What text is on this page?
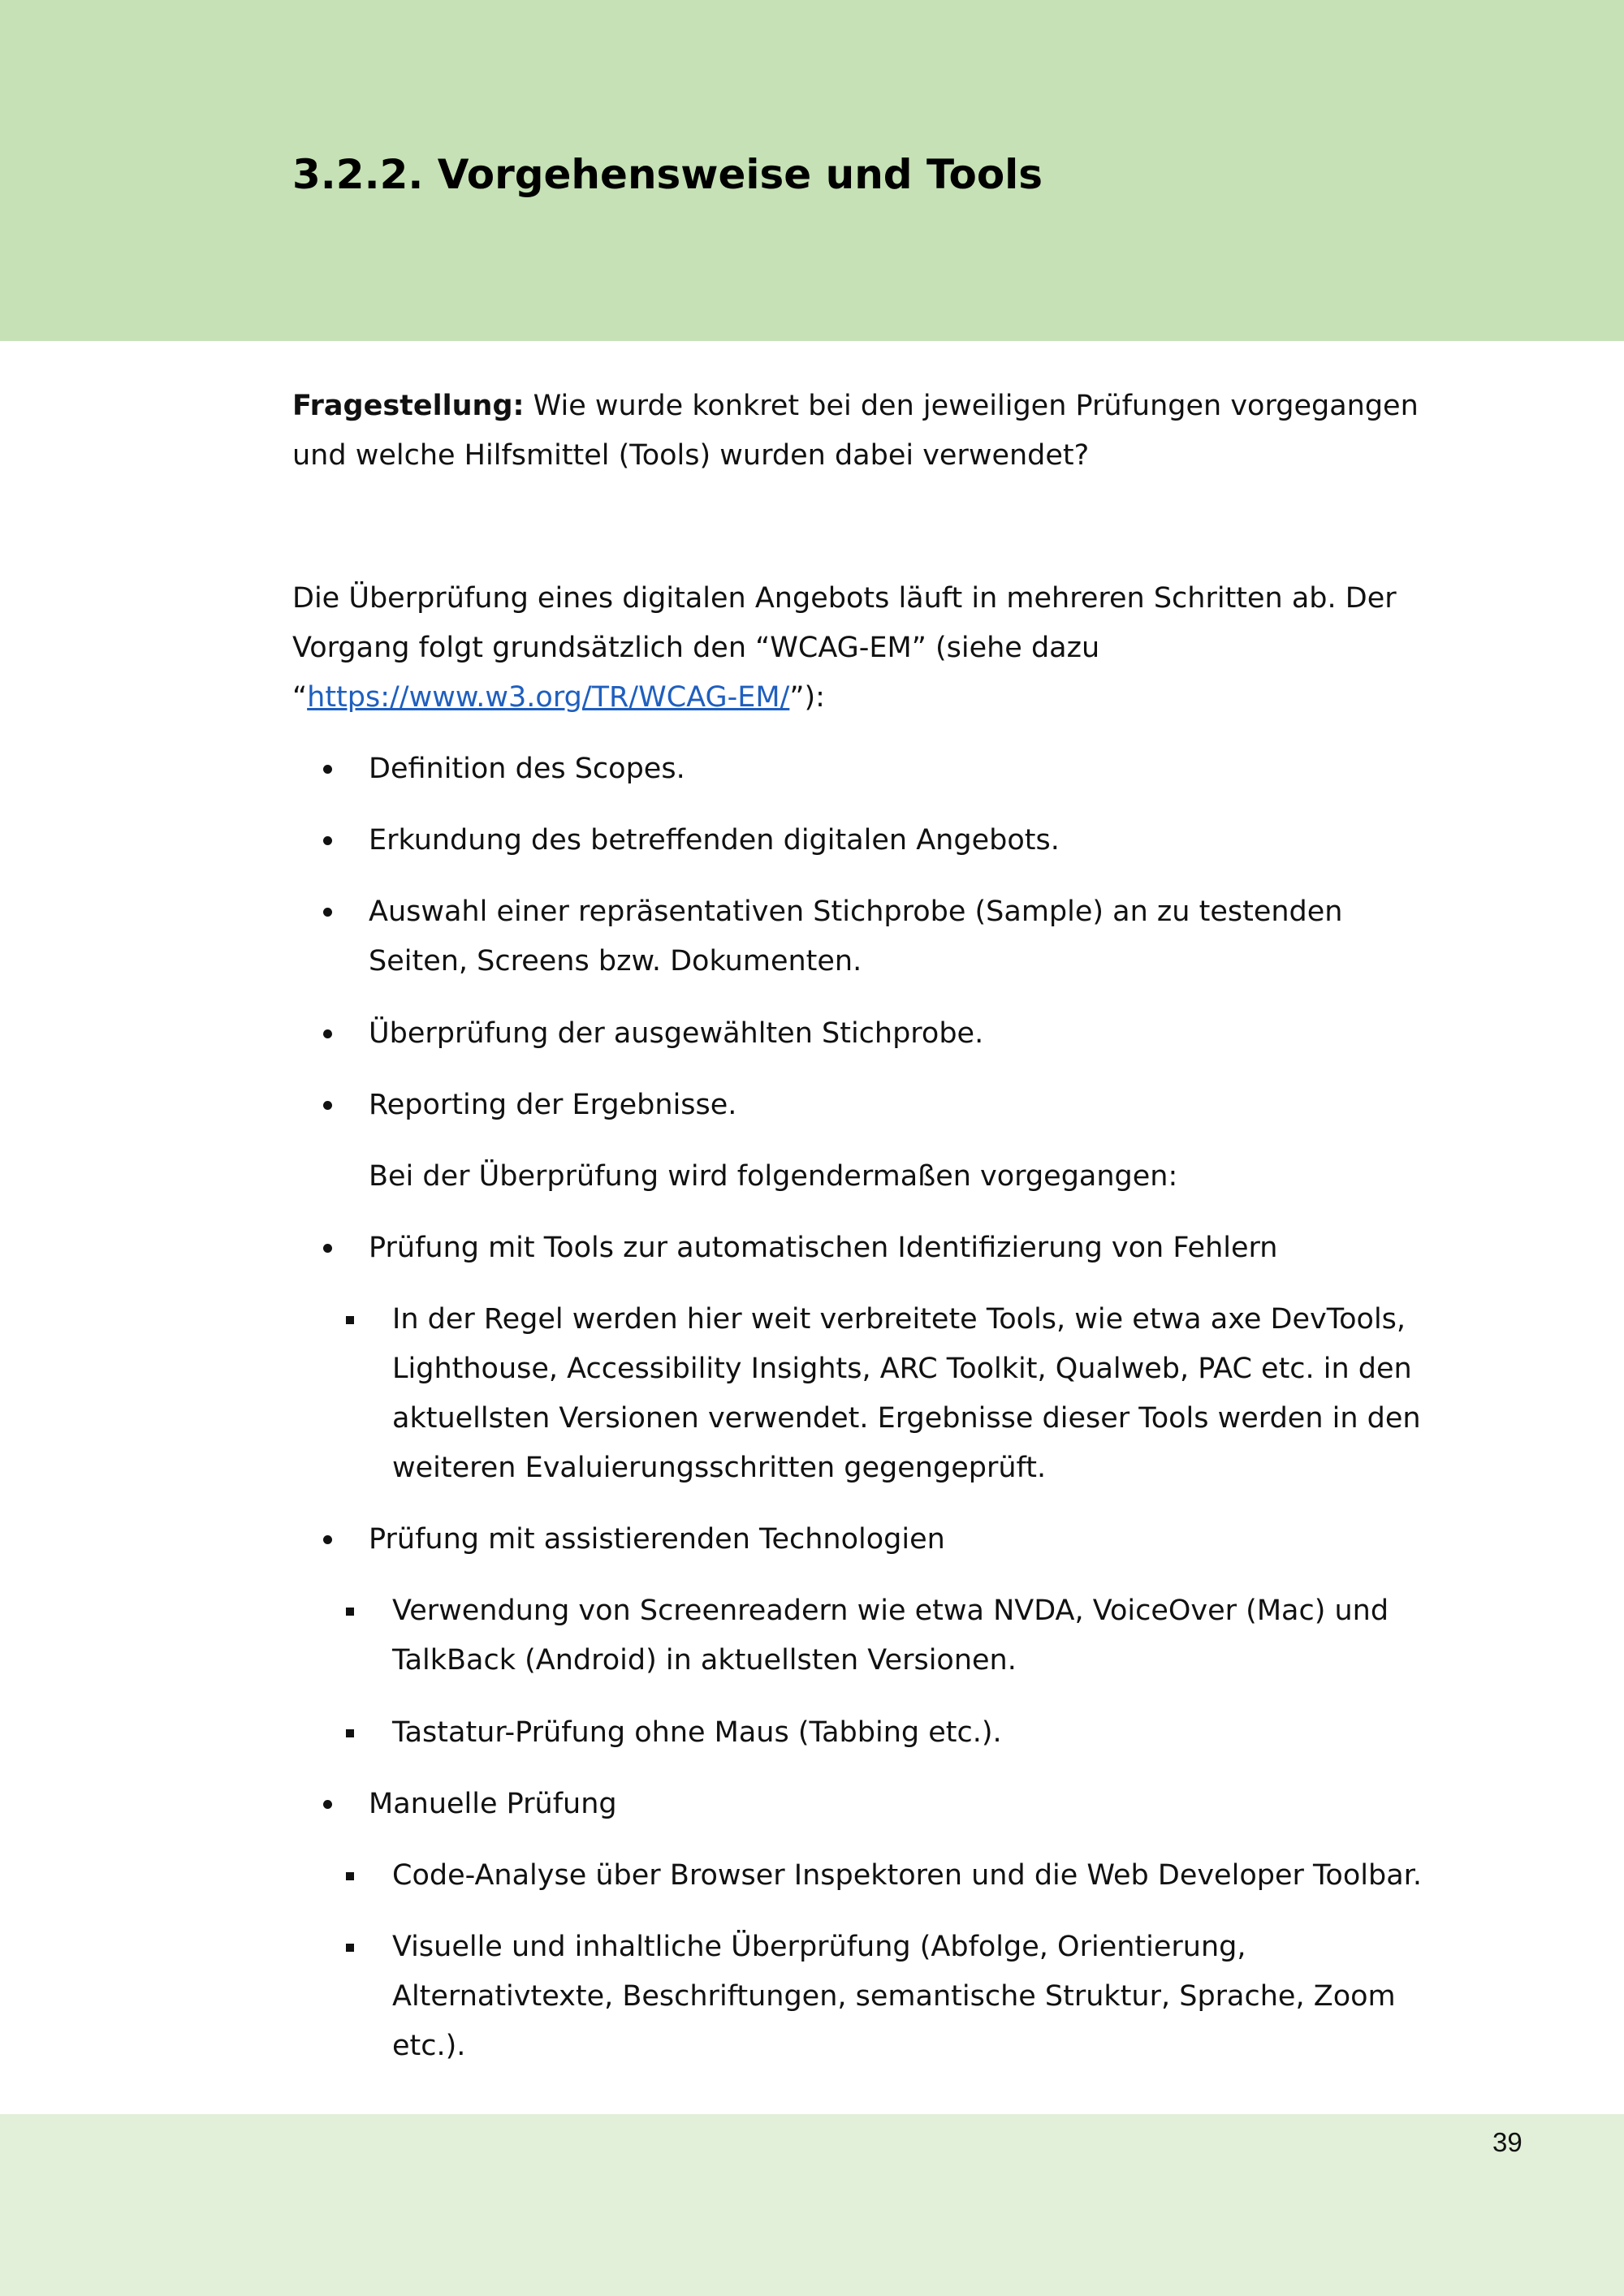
3.2.2. Vorgehensweise und Tools
Fragestellung: Wie wurde konkret bei den jeweiligen Prüfungen vorgegangen
und welche Hilfsmittel (Tools) wurden dabei verwendet?
Die Überprüfung eines digitalen Angebots läuft in mehreren Schritten ab. Der
Vorgang folgt grundsätzlich den “WCAG-EM” (siehe dazu
“https://www.w3.org/TR/WCAG-EM/”):
Definition des Scopes.
Erkundung des betreffenden digitalen Angebots.
Auswahl einer repräsentativen Stichprobe (Sample) an zu testenden
Seiten, Screens bzw. Dokumenten.
Überprüfung der ausgewählten Stichprobe.
Reporting der Ergebnisse.
Bei der Überprüfung wird folgendermaßen vorgegangen:
Prüfung mit Tools zur automatischen Identifizierung von Fehlern
In der Regel werden hier weit verbreitete Tools, wie etwa axe DevTools,
Lighthouse, Accessibility Insights, ARC Toolkit, Qualweb, PAC etc. in den
aktuellsten Versionen verwendet. Ergebnisse dieser Tools werden in den
weiteren Evaluierungsschritten gegengeprüft.
Prüfung mit assistierenden Technologien
Verwendung von Screenreadern wie etwa NVDA, VoiceOver (Mac) und
TalkBack (Android) in aktuellsten Versionen.
Tastatur-Prüfung ohne Maus (Tabbing etc.).
Manuelle Prüfung
Code-Analyse über Browser Inspektoren und die Web Developer Toolbar.
Visuelle und inhaltliche Überprüfung (Abfolge, Orientierung,
Alternativtexte, Beschriftungen, semantische Struktur, Sprache, Zoom
etc.).
39
